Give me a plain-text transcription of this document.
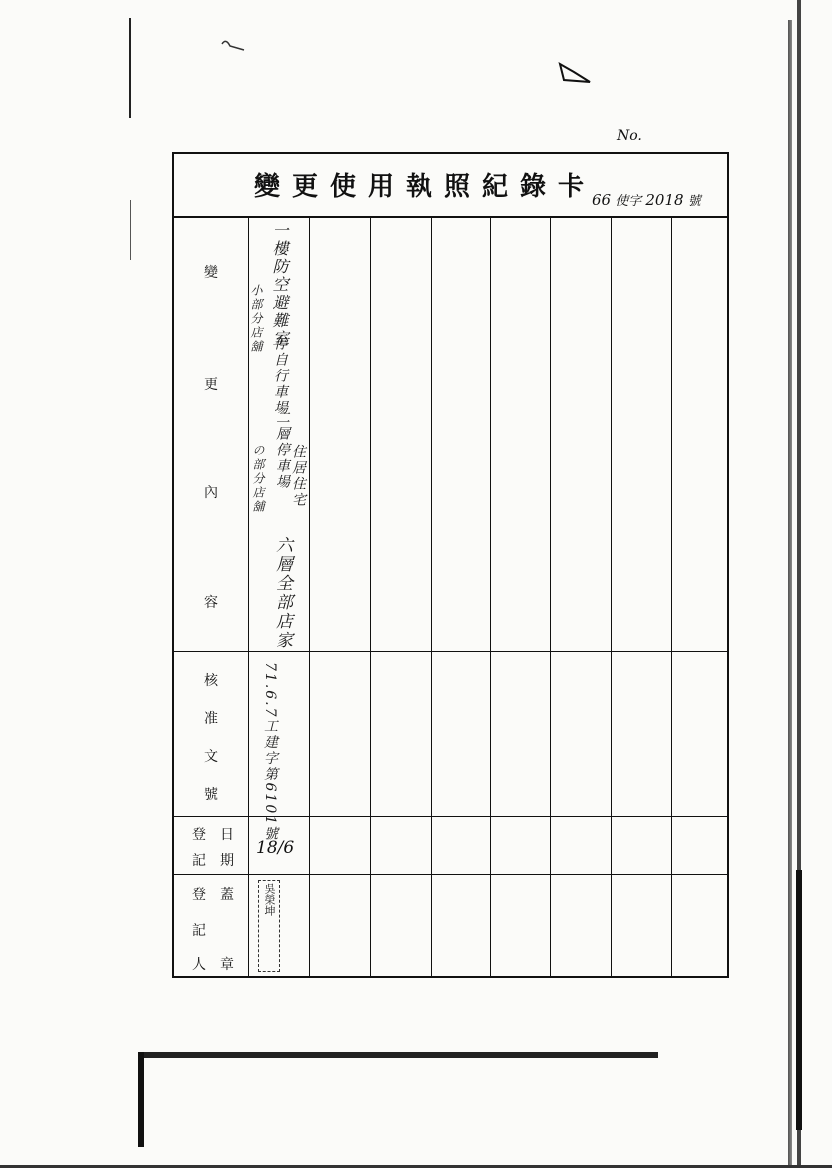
No.
變更使用執照紀錄卡
66 使字 2018 號
變
更
內
容
一樓防空避難室
停自行車場
小部分店舖
二層停車場 住居住宅
の部分店舖
六層全部店家
核
准
文
號	71.6.7工建字第6101號
登
記
日
期
18/6
登
記
人
蓋
章
吳榮坤
